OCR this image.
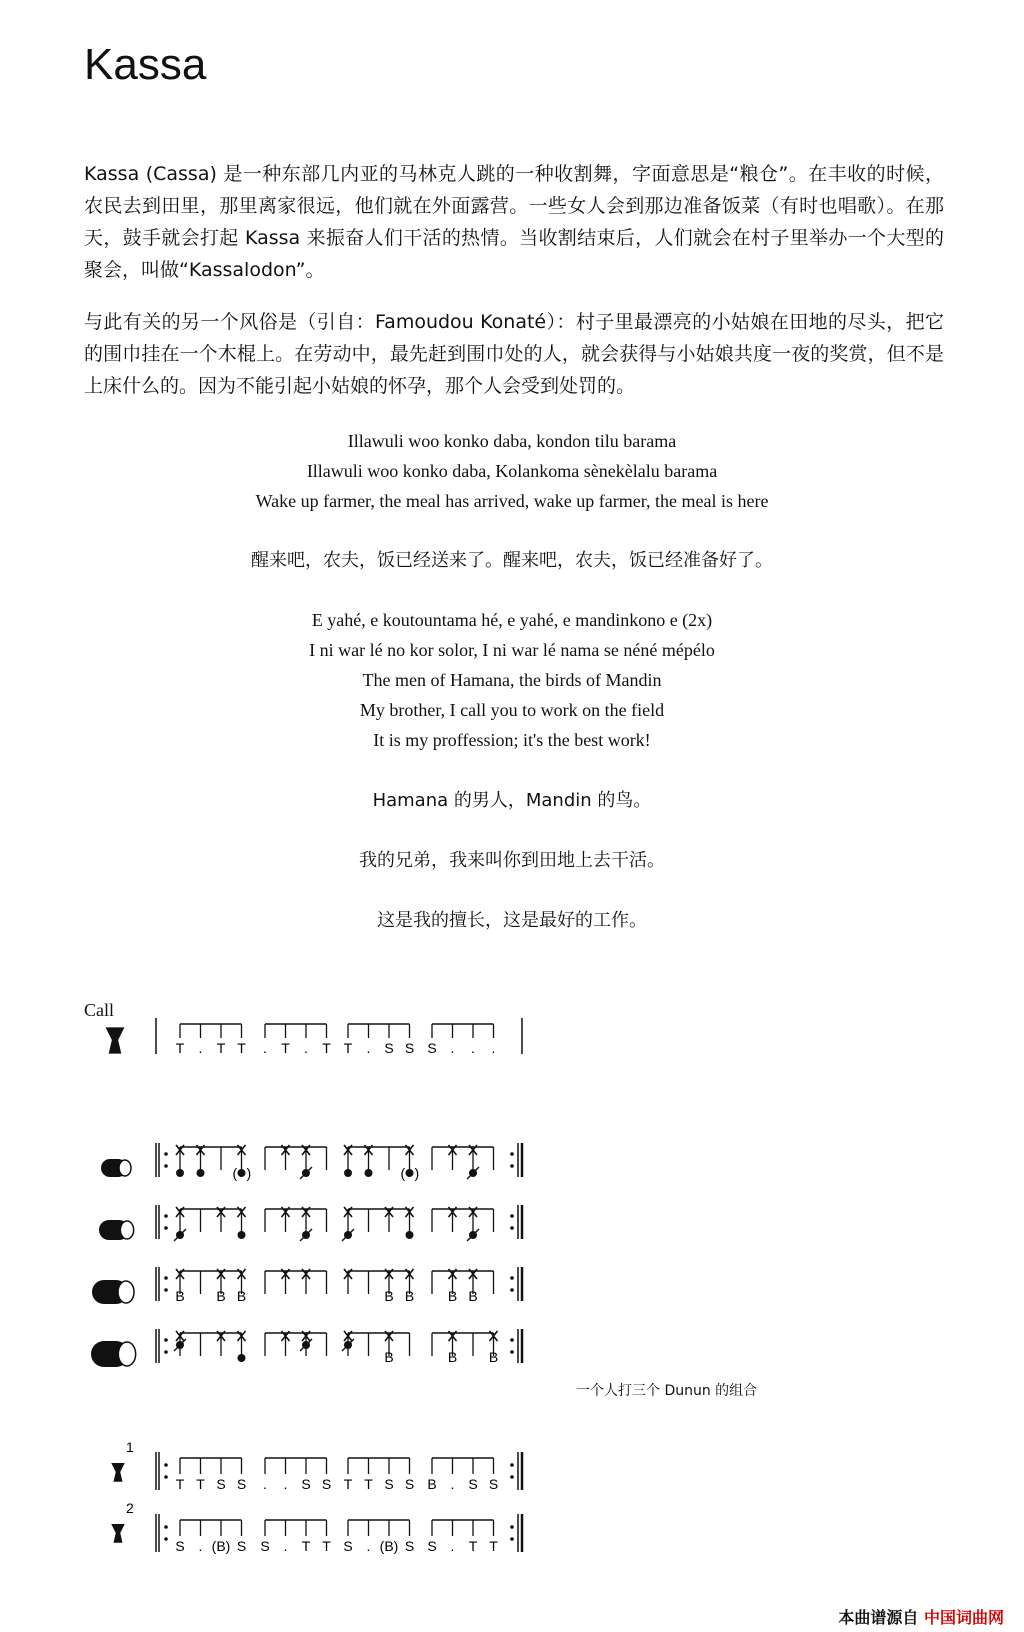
Kassa
Kassa (Cassa) 是一种东部几内亚的马林克人跳的一种收割舞，字面意思是“粮仓”。在丰收的时候，农民去到田里，那里离家很远，他们就在外面露营。一些女人会到那边准备饭菜（有时也唱歌）。在那天，鼓手就会打起 Kassa 来振奋人们干活的热情。当收割结束后，人们就会在村子里举办一个大型的聚会，叫做“Kassalodon”。
与此有关的另一个风俗是（引自：Famoudou Konaté）：村子里最漂亮的小姑娘在田地的尽头，把它的围巾挂在一个木棍上。在劳动中，最先赶到围巾处的人，就会获得与小姑娘共度一夜的奖赏，但不是上床什么的。因为不能引起小姑娘的怀孕，那个人会受到处罚的。
Illawuli woo konko daba, kondon tilu barama
Illawuli woo konko daba, Kolankoma sènekèlalu barama
Wake up farmer, the meal has arrived, wake up farmer, the meal is here
醒来吧，农夫，饭已经送来了。醒来吧，农夫，饭已经准备好了。
E yahé, e koutountama hé, e yahé, e mandinkono e (2x)
I ni war lé no kor solor, I ni war lé nama se néné mépélo
The men of Hamana, the birds of Mandin
My brother, I call you to work on the field
It is my proffession; it's the best work!
Hamana 的男人，Mandin 的鸟。
我的兄弟，我来叫你到田地上去干活。
这是我的擅长，这是最好的工作。
Call
T . T T . T . T T . S S S . . .
( )	( )
B B B	B B B B
B	B B
1
2
T T S S . . S S T T S S B . S S
S . (B) S S . T T S . (B) S S . T T
一个人打三个 Dunun 的组合
本曲谱源自 中国词曲网
